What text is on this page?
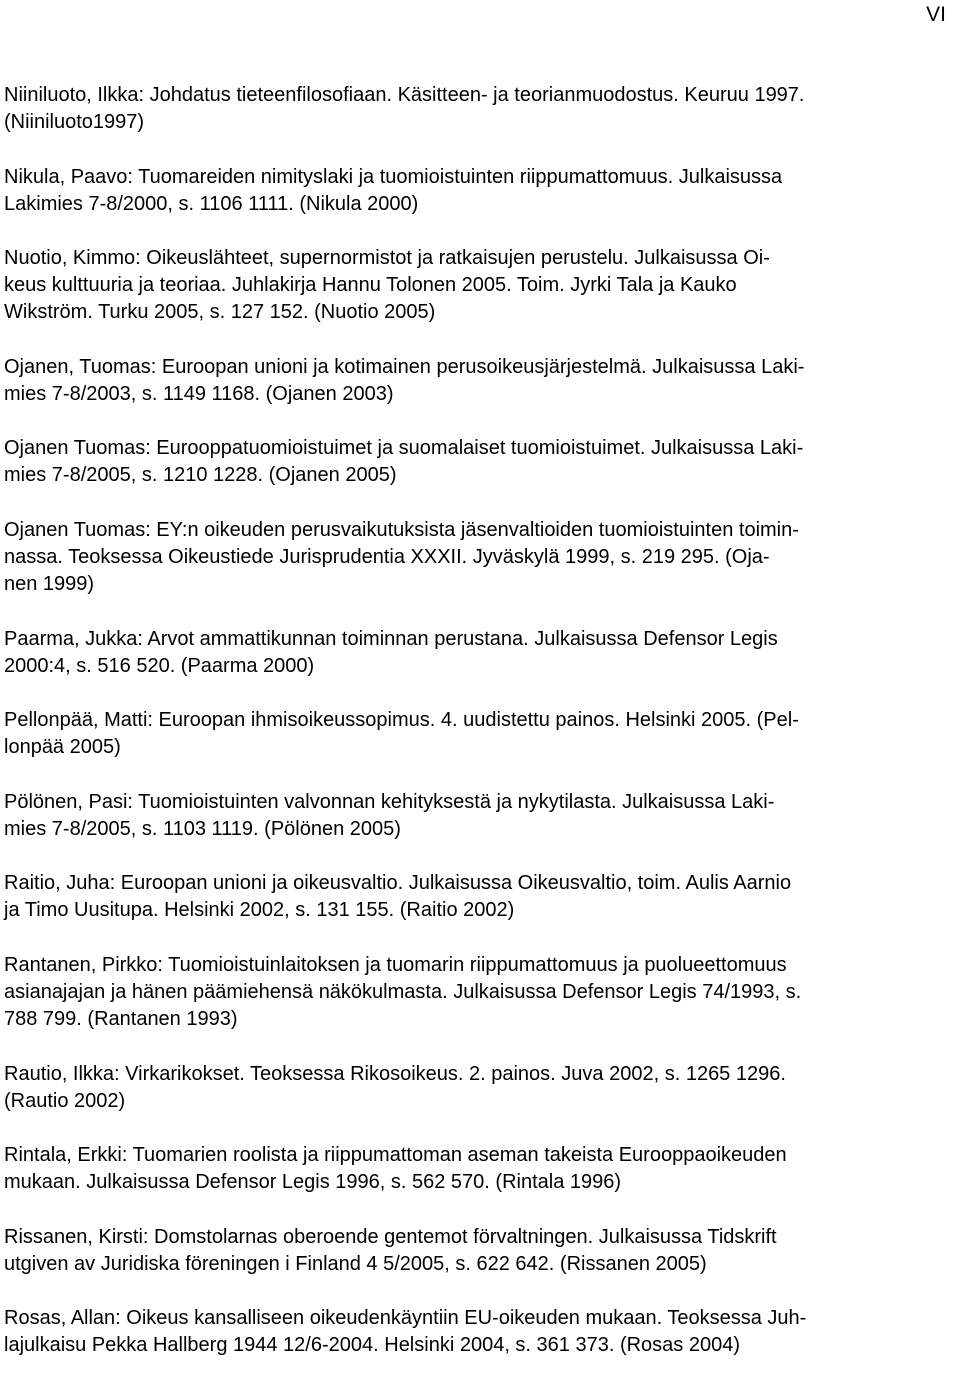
VI
Niiniluoto, Ilkka: Johdatus tieteenfilosofiaan. Käsitteen- ja teorianmuodostus. Keuruu 1997.
(Niiniluoto1997)
Nikula, Paavo: Tuomareiden nimityslaki ja tuomioistuinten riippumattomuus. Julkaisussa
Lakimies 7-8/2000, s. 1106 1111. (Nikula 2000)
Nuotio, Kimmo: Oikeuslähteet, supernormistot ja ratkaisujen perustelu. Julkaisussa Oi-
keus kulttuuria ja teoriaa. Juhlakirja Hannu Tolonen 2005. Toim. Jyrki Tala ja Kauko
Wikström. Turku 2005, s. 127 152. (Nuotio 2005)
Ojanen, Tuomas: Euroopan unioni ja kotimainen perusoikeusjärjestelmä. Julkaisussa Laki-
mies 7-8/2003, s. 1149 1168. (Ojanen 2003)
Ojanen Tuomas: Eurooppatuomioistuimet ja suomalaiset tuomioistuimet. Julkaisussa Laki-
mies 7-8/2005, s. 1210 1228. (Ojanen 2005)
Ojanen Tuomas: EY:n oikeuden perusvaikutuksista jäsenvaltioiden tuomioistuinten toimin-
nassa. Teoksessa Oikeustiede Jurisprudentia XXXII. Jyväskylä 1999, s. 219 295. (Oja-
nen 1999)
Paarma, Jukka: Arvot ammattikunnan toiminnan perustana. Julkaisussa Defensor Legis
2000:4, s. 516 520. (Paarma 2000)
Pellonpää, Matti: Euroopan ihmisoikeussopimus. 4. uudistettu painos. Helsinki 2005. (Pel-
lonpää 2005)
Pölönen, Pasi: Tuomioistuinten valvonnan kehityksestä ja nykytilasta. Julkaisussa Laki-
mies 7-8/2005, s. 1103 1119. (Pölönen 2005)
Raitio, Juha: Euroopan unioni ja oikeusvaltio. Julkaisussa Oikeusvaltio, toim. Aulis Aarnio
ja Timo Uusitupa. Helsinki 2002, s. 131 155. (Raitio 2002)
Rantanen, Pirkko: Tuomioistuinlaitoksen ja tuomarin riippumattomuus ja puolueettomuus
asianajajan ja hänen päämiehensä näkökulmasta. Julkaisussa Defensor Legis 74/1993, s.
788 799. (Rantanen 1993)
Rautio, Ilkka: Virkarikokset. Teoksessa Rikosoikeus. 2. painos. Juva 2002, s. 1265 1296.
(Rautio 2002)
Rintala, Erkki: Tuomarien roolista ja riippumattoman aseman takeista Eurooppaoikeuden
mukaan. Julkaisussa Defensor Legis 1996, s. 562 570. (Rintala 1996)
Rissanen, Kirsti: Domstolarnas oberoende gentemot förvaltningen. Julkaisussa Tidskrift
utgiven av Juridiska föreningen i Finland 4 5/2005, s. 622 642. (Rissanen 2005)
Rosas, Allan: Oikeus kansalliseen oikeudenkäyntiin EU-oikeuden mukaan. Teoksessa Juh-
lajulkaisu Pekka Hallberg 1944 12/6-2004. Helsinki 2004, s. 361 373. (Rosas 2004)
